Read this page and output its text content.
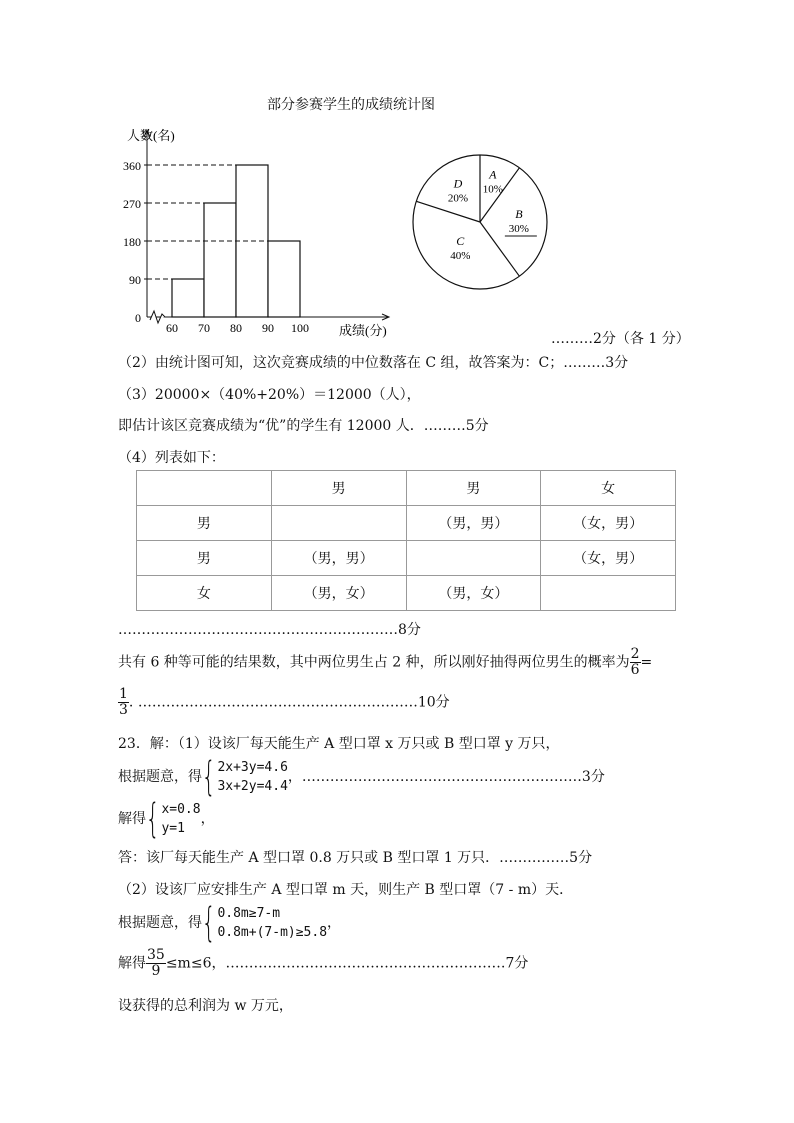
部分参赛学生的成绩统计图
0
90
180
270
360
60 70 80 90 100
人数(名)
成绩(分)
A
10%
B
30%
C
40%
D
20%
………2分（各 1 分）
（2）由统计图可知，这次竞赛成绩的中位数落在 C 组，故答案为：C；………3分
（3）20000×（40%+20%）＝12000（人），
即估计该区竞赛成绩为“优”的学生有 12000 人．………5分
（4）列表如下：
	男	男	女
男		（男，男）	（女，男）
男	（男，男）		（女，男）
女	（男，女）	（男，女）	
……………………………………………………8分
共有 6 种等可能的结果数，其中两位男生占 2 种，所以刚好抽得两位男生的概率为 $\frac{2}{6}$ =
$\frac{1}{3}$ . ……………………………………………………10分
23．解：（1）设该厂每天能生产 A 型口罩 x 万只或 B 型口罩 y 万只，
根据题意，得 { 2x+3y=4.6
3x+2y=4.4
，……………………………………………………3分
解得 { x=0.8
y=1
，
答：该厂每天能生产 A 型口罩 0.8 万只或 B 型口罩 1 万只．……………5分
（2）设该厂应安排生产 A 型口罩 m 天，则生产 B 型口罩（7 - m）天．
根据题意，得 { 0.8m≥7-m
0.8m+(7-m)≥5.8
，
解得 $\frac{35}{9} \le m\le 6$，……………………………………………………7分
设获得的总利润为 w 万元，
